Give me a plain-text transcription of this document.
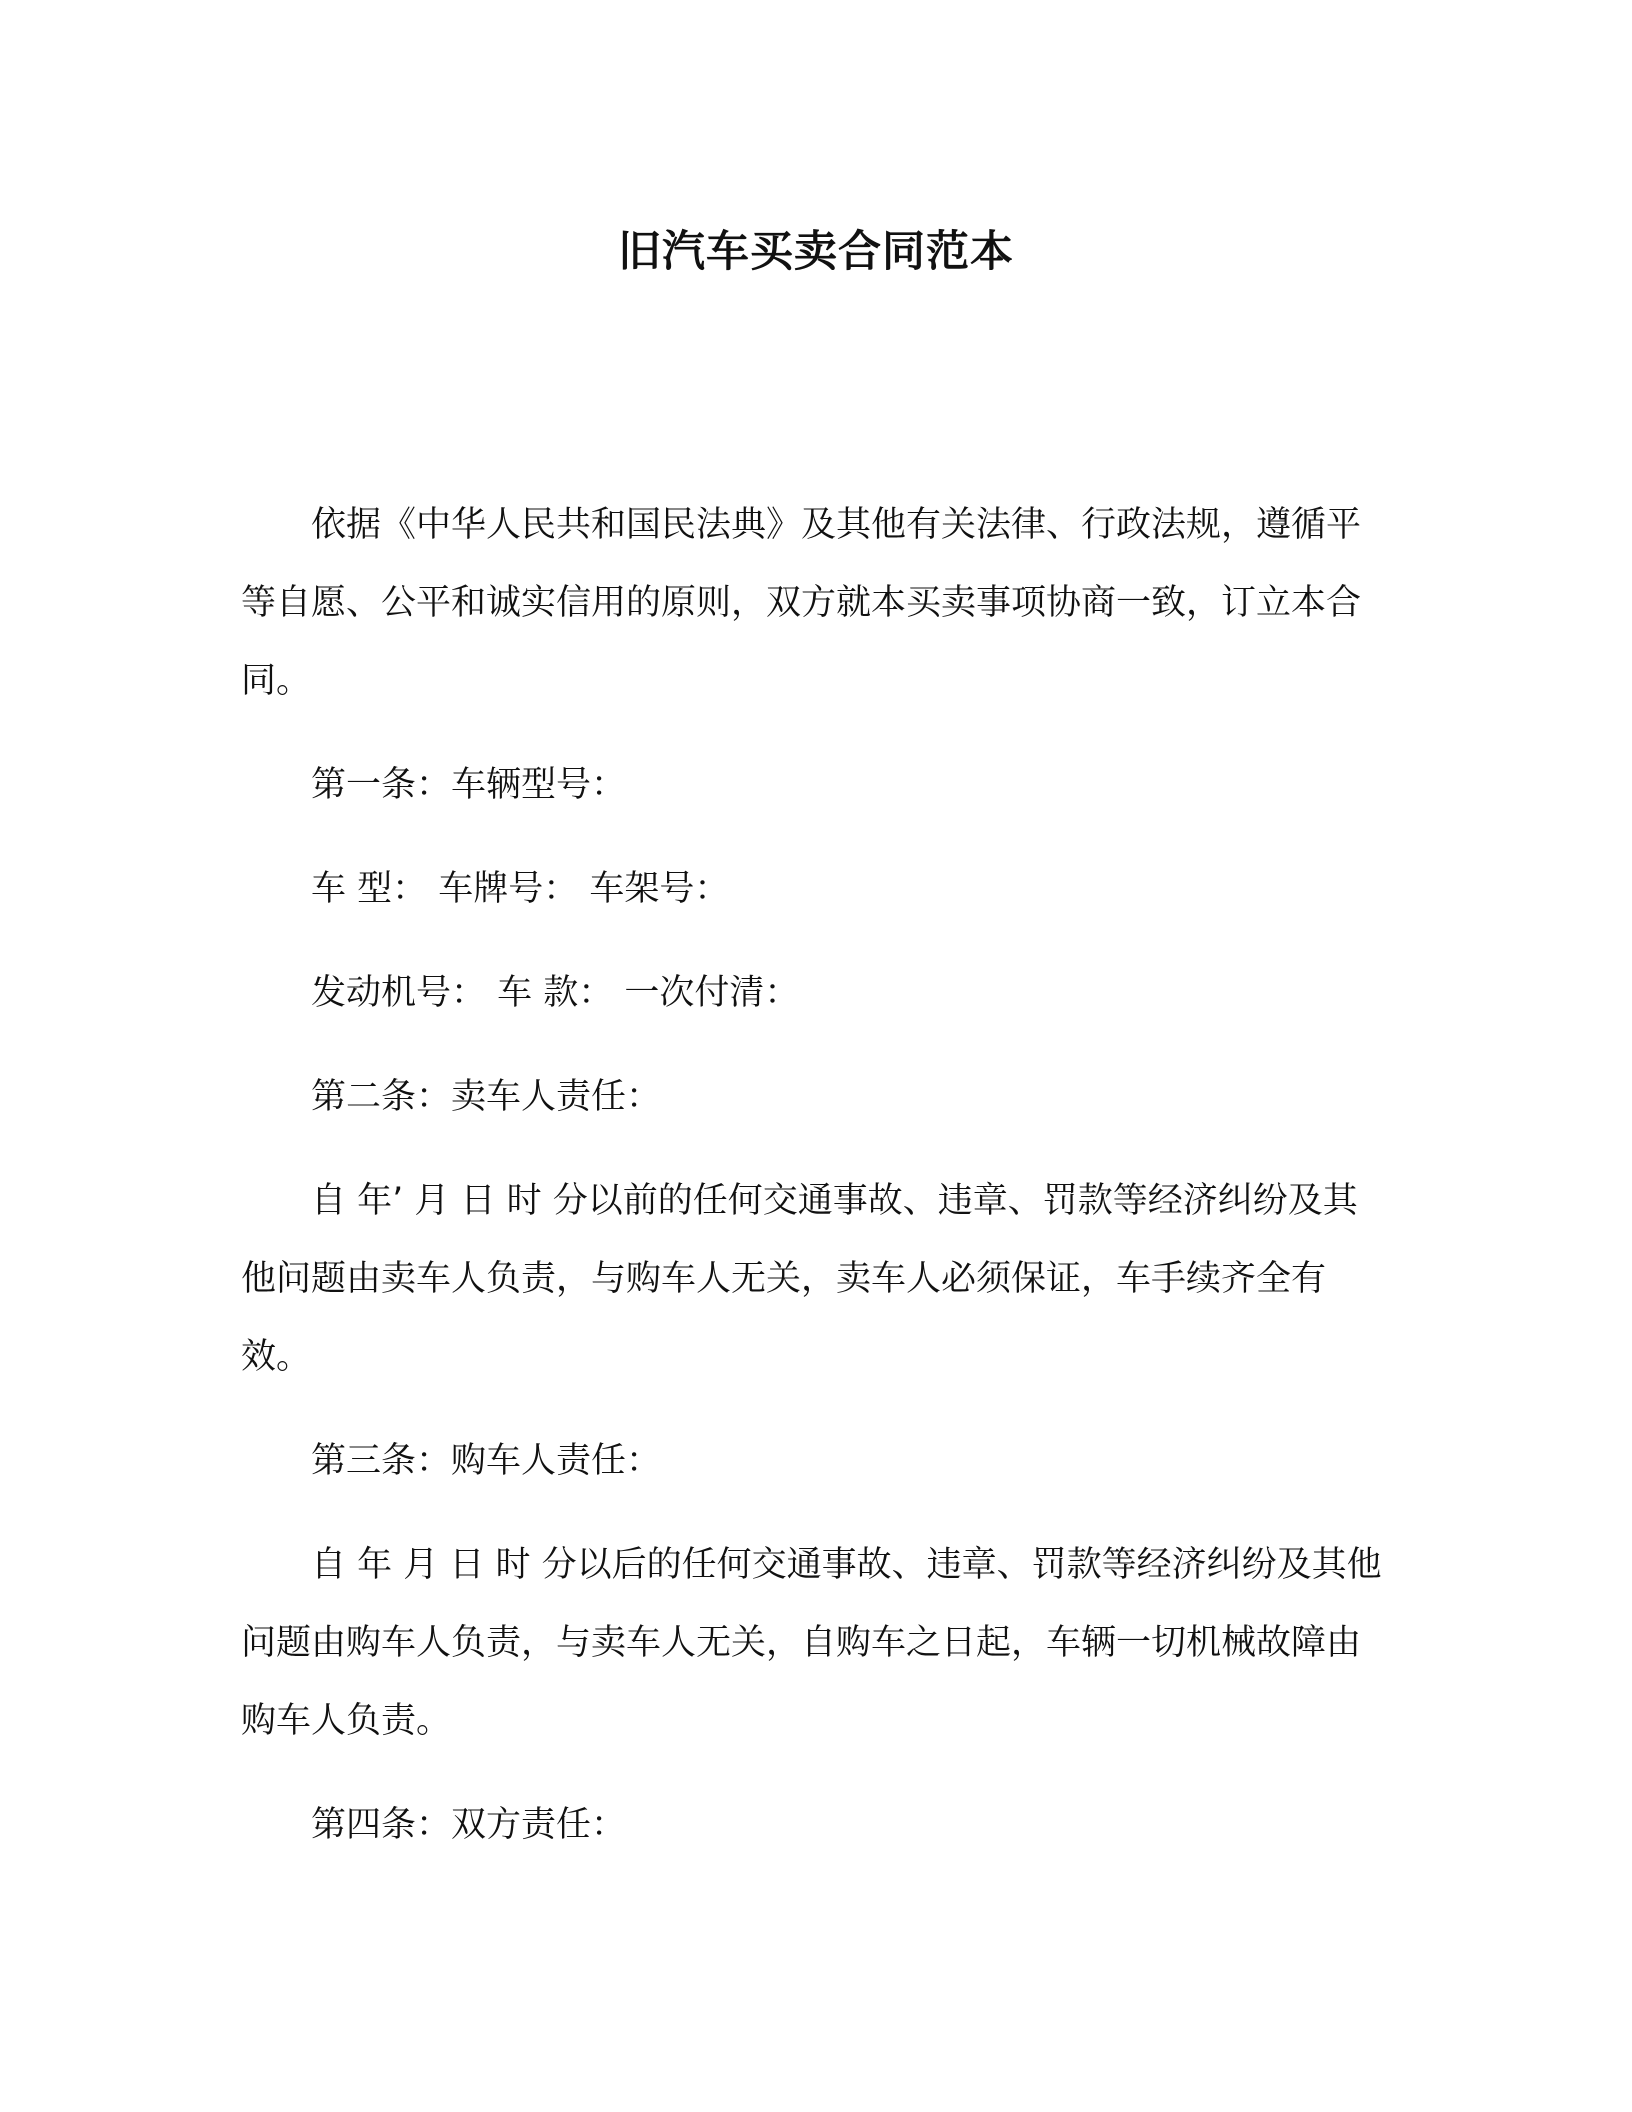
旧汽车买卖合同范本

依据《中华人民共和国民法典》及其他有关法律、行政法规，遵循平等自愿、公平和诚实信用的原则，双方就本买卖事项协商一致，订立本合同。

第一条：车辆型号：

车 型： 车牌号： 车架号：

发动机号： 车 款： 一次付清：

第二条：卖车人责任：

自 年’ 月 日 时 分以前的任何交通事故、违章、罚款等经济纠纷及其他问题由卖车人负责，与购车人无关，卖车人必须保证，车手续齐全有效。

第三条：购车人责任：

自 年 月 日 时 分以后的任何交通事故、违章、罚款等经济纠纷及其他问题由购车人负责，与卖车人无关，自购车之日起，车辆一切机械故障由购车人负责。

第四条：双方责任：
